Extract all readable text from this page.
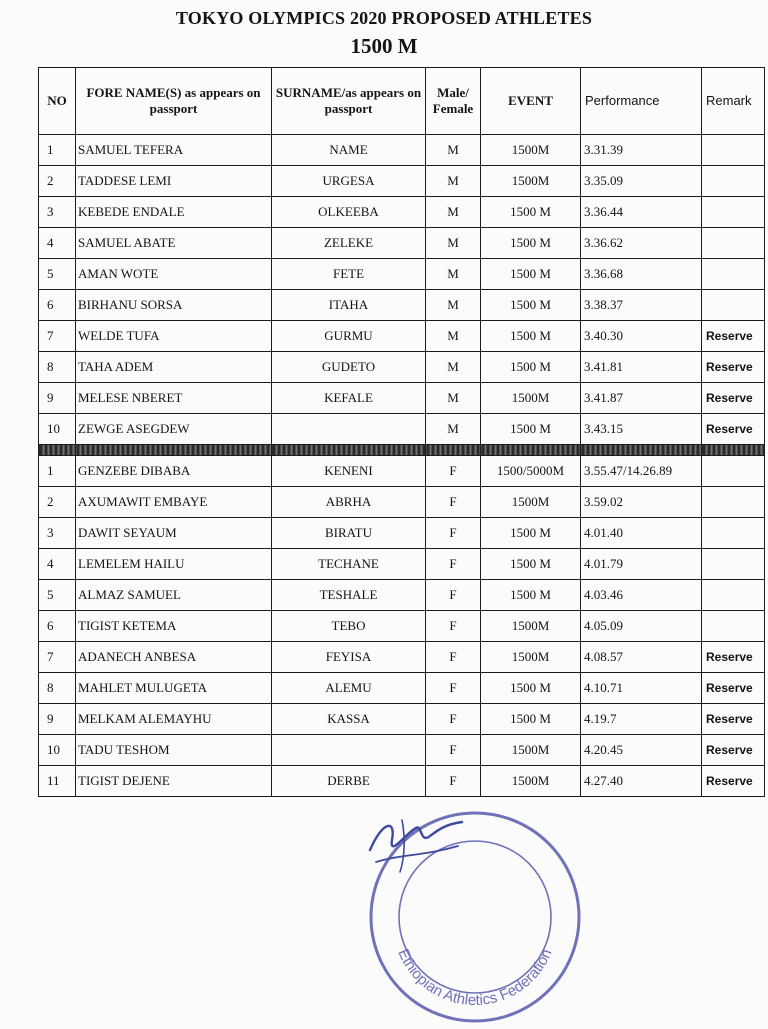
TOKYO OLYMPICS 2020 PROPOSED ATHLETES
1500 M
NO	FORE NAME(S) as appears on passport	SURNAME/as appears on passport	Male/ Female	EVENT	Performance	Remark
1	SAMUEL TEFERA	NAME	M	1500M	3.31.39	
2	TADDESE LEMI	URGESA	M	1500M	3.35.09	
3	KEBEDE ENDALE	OLKEEBA	M	1500 M	3.36.44	
4	SAMUEL ABATE	ZELEKE	M	1500 M	3.36.62	
5	AMAN WOTE	FETE	M	1500 M	3.36.68	
6	BIRHANU SORSA	ITAHA	M	1500 M	3.38.37	
7	WELDE TUFA	GURMU	M	1500 M	3.40.30	Reserve
8	TAHA ADEM	GUDETO	M	1500 M	3.41.81	Reserve
9	MELESE NBERET	KEFALE	M	1500M	3.41.87	Reserve
10	ZEWGE ASEGDEW		M	1500 M	3.43.15	Reserve

1	GENZEBE DIBABA	KENENI	F	1500/5000M	3.55.47/14.26.89	
2	AXUMAWIT EMBAYE	ABRHA	F	1500M	3.59.02	
3	DAWIT SEYAUM	BIRATU	F	1500 M	4.01.40	
4	LEMELEM HAILU	TECHANE	F	1500 M	4.01.79	
5	ALMAZ SAMUEL	TESHALE	F	1500 M	4.03.46	
6	TIGIST KETEMA	TEBO	F	1500M	4.05.09	
7	ADANECH ANBESA	FEYISA	F	1500M	4.08.57	Reserve
8	MAHLET MULUGETA	ALEMU	F	1500 M	4.10.71	Reserve
9	MELKAM ALEMAYHU	KASSA	F	1500 M	4.19.7	Reserve
10	TADU TESHOM		F	1500M	4.20.45	Reserve
11	TIGIST DEJENE	DERBE	F	1500M	4.27.40	Reserve
Ethiopian Athletics Federation
